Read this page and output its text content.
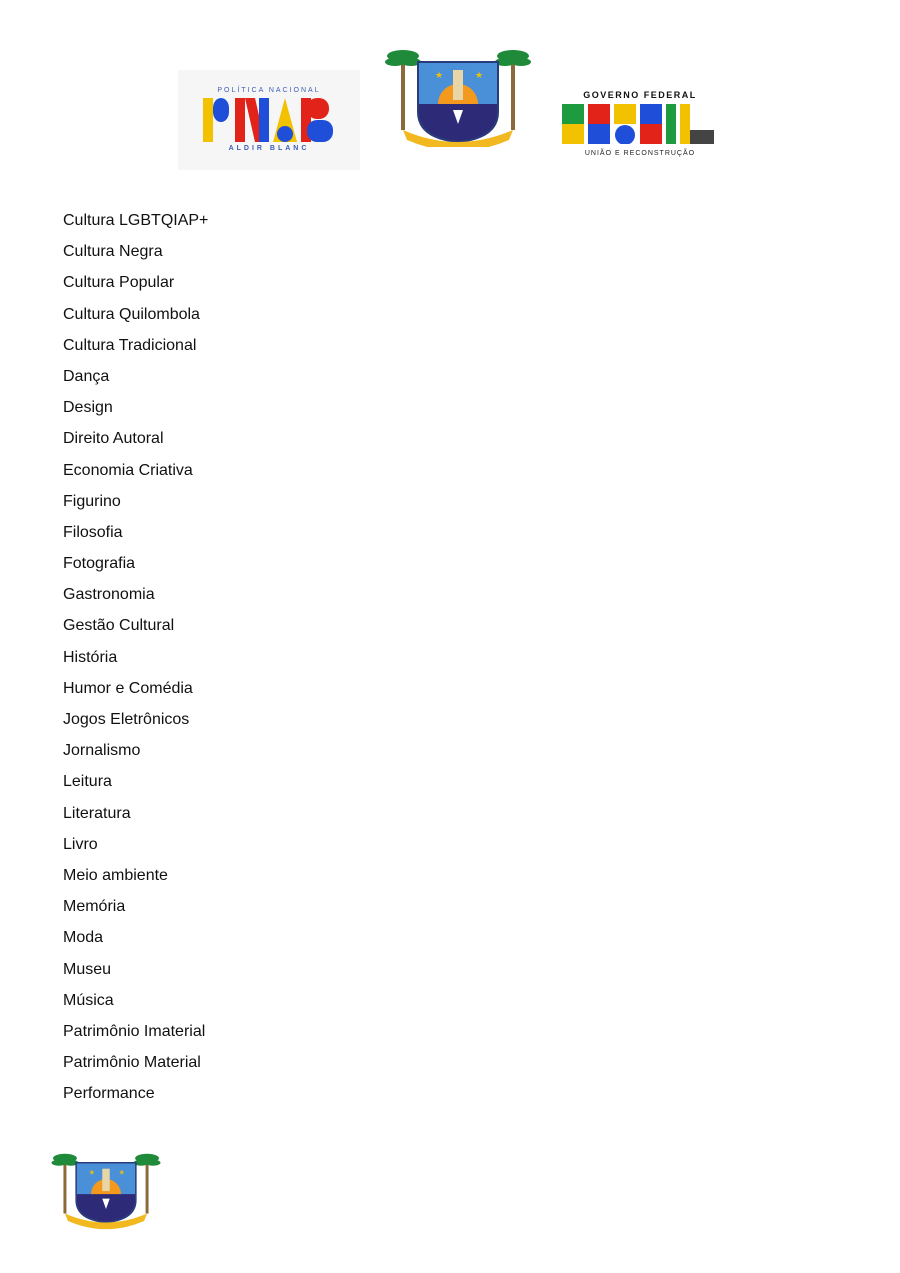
POLÍTICA NACIONAL
ALDIR BLANC
★	★
GOVERNO FEDERAL
UNIÃO E RECONSTRUÇÃO
Cultura LGBTQIAP+
Cultura Negra
Cultura Popular
Cultura Quilombola
Cultura Tradicional
Dança
Design
Direito Autoral
Economia Criativa
Figurino
Filosofia
Fotografia
Gastronomia
Gestão Cultural
História
Humor e Comédia
Jogos Eletrônicos
Jornalismo
Leitura
Literatura
Livro
Meio ambiente
Memória
Moda
Museu
Música
Patrimônio Imaterial
Patrimônio Material
Performance
★	★
